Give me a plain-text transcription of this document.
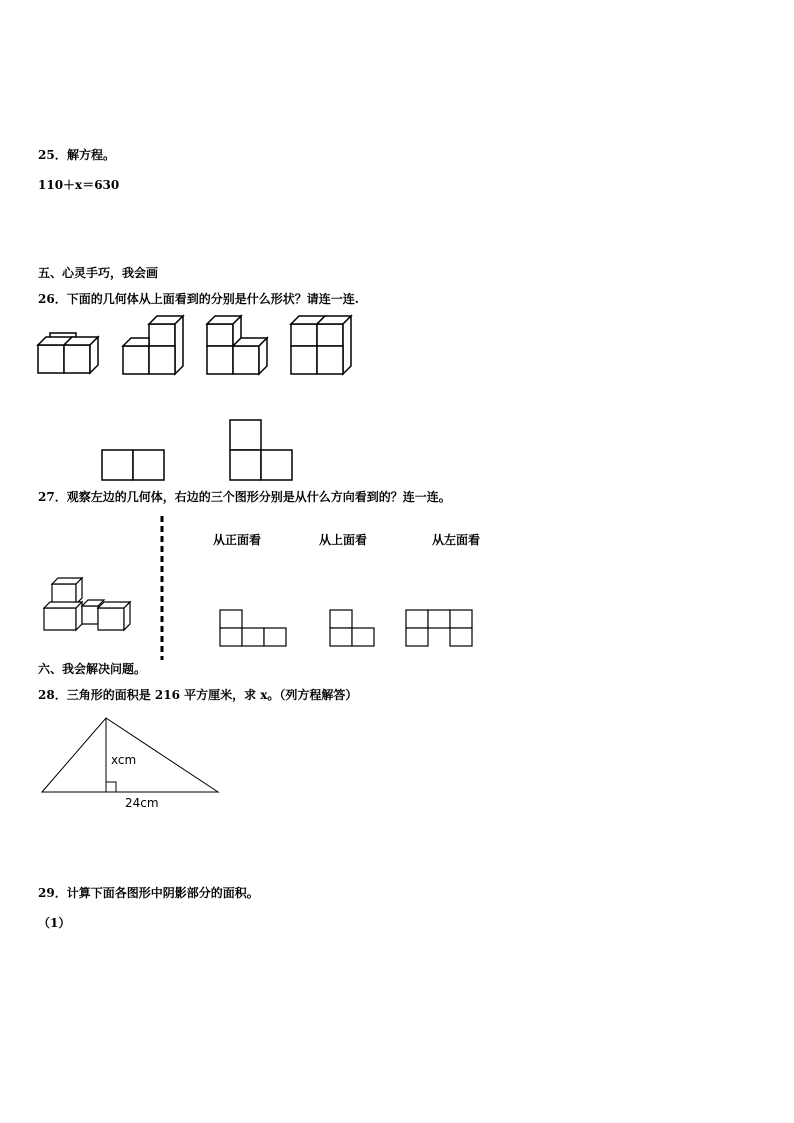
25． 解方程。
110＋x＝630
五、心灵手巧，我会画
26．下面的几何体从上面看到的分别是什么形状？请连一连.
27．观察左边的几何体，右边的三个图形分别是从什么方向看到的？连一连。
从正面看	从上面看	从左面看
六、我会解决问题。
28．三角形的面积是 216 平方厘米，求 x。（列方程解答）
xcm
24cm
29．计算下面各图形中阴影部分的面积。
（1）
